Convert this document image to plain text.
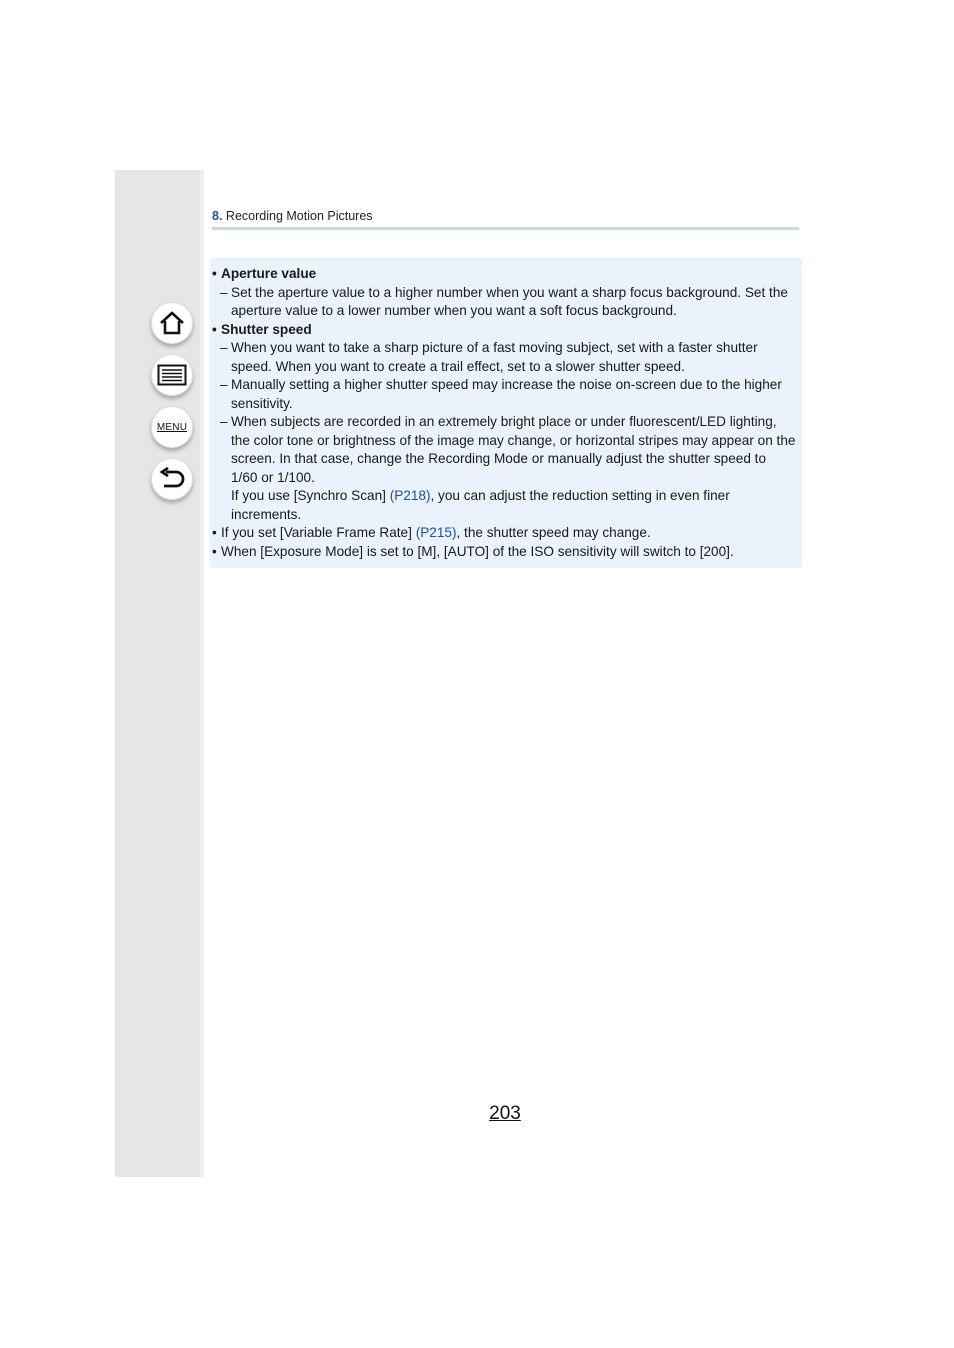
MENU
8. Recording Motion Pictures
• Aperture value
– Set the aperture value to a higher number when you want a sharp focus background. Set the aperture value to a lower number when you want a soft focus background.
• Shutter speed
– When you want to take a sharp picture of a fast moving subject, set with a faster shutter speed. When you want to create a trail effect, set to a slower shutter speed.
– Manually setting a higher shutter speed may increase the noise on-screen due to the higher sensitivity.
– When subjects are recorded in an extremely bright place or under fluorescent/LED lighting, the color tone or brightness of the image may change, or horizontal stripes may appear on the screen. In that case, change the Recording Mode or manually adjust the shutter speed to 1/60 or 1/100.
If you use [Synchro Scan] (P218), you can adjust the reduction setting in even finer increments.
• If you set [Variable Frame Rate] (P215), the shutter speed may change.
• When [Exposure Mode] is set to [M], [AUTO] of the ISO sensitivity will switch to [200].
203
